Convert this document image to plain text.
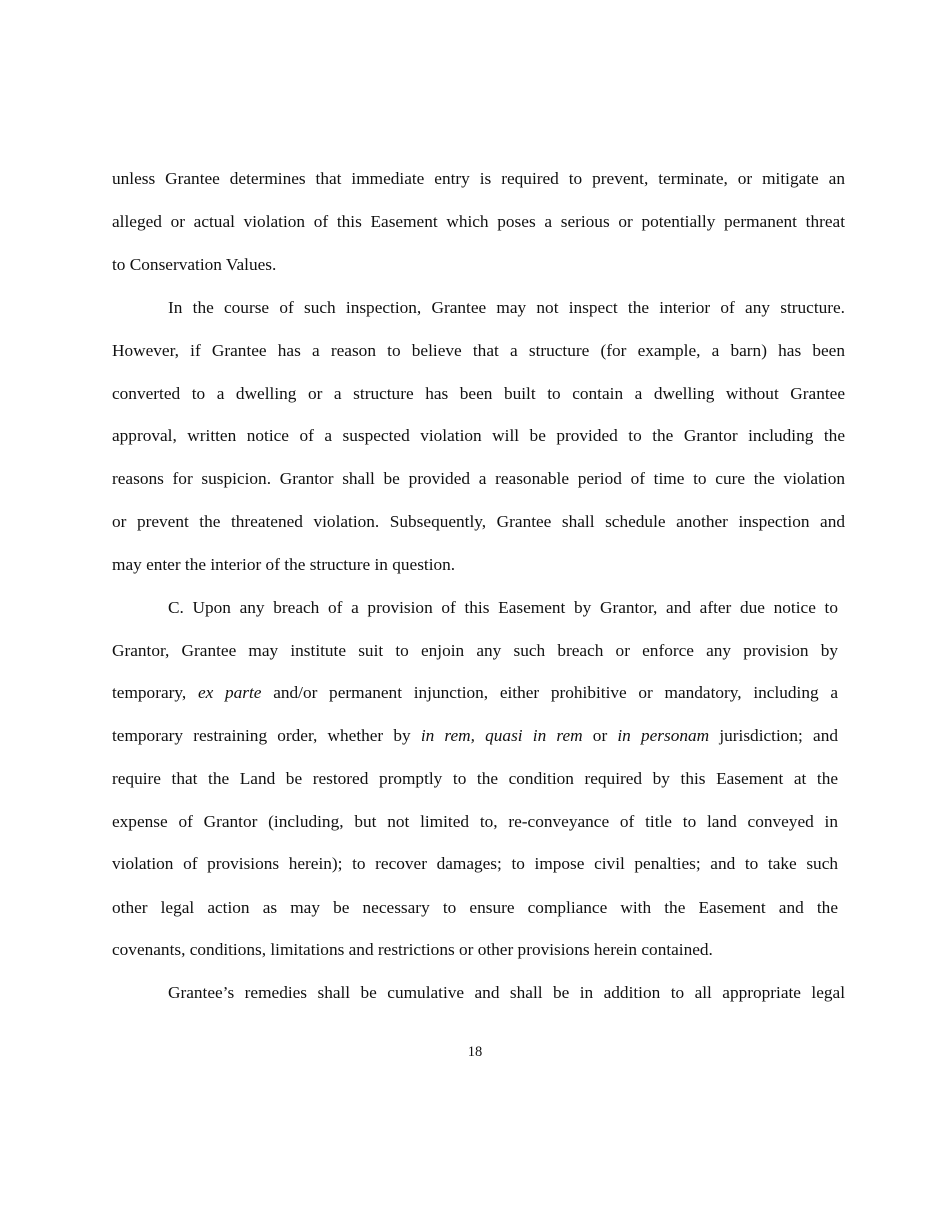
unless Grantee determines that immediate entry is required to prevent, terminate, or mitigate an
alleged or actual violation of this Easement which poses a serious or potentially permanent threat
to Conservation Values.
In the course of such inspection, Grantee may not inspect the interior of any structure.
However, if Grantee has a reason to believe that a structure (for example, a barn) has been
converted to a dwelling or a structure has been built to contain a dwelling without Grantee
approval, written notice of a suspected violation will be provided to the Grantor including the
reasons for suspicion. Grantor shall be provided a reasonable period of time to cure the violation
or prevent the threatened violation. Subsequently, Grantee shall schedule another inspection and
may enter the interior of the structure in question.
C. Upon any breach of a provision of this Easement by Grantor, and after due notice to
Grantor, Grantee may institute suit to enjoin any such breach or enforce any provision by
temporary, ex parte and/or permanent injunction, either prohibitive or mandatory, including a
temporary restraining order, whether by in rem, quasi in rem or in personam jurisdiction; and
require that the Land be restored promptly to the condition required by this Easement at the
expense of Grantor (including, but not limited to, re-conveyance of title to land conveyed in
violation of provisions herein); to recover damages; to impose civil penalties; and to take such
other legal action as may be necessary to ensure compliance with the Easement and the
covenants, conditions, limitations and restrictions or other provisions herein contained.
Grantee’s remedies shall be cumulative and shall be in addition to all appropriate legal
18
